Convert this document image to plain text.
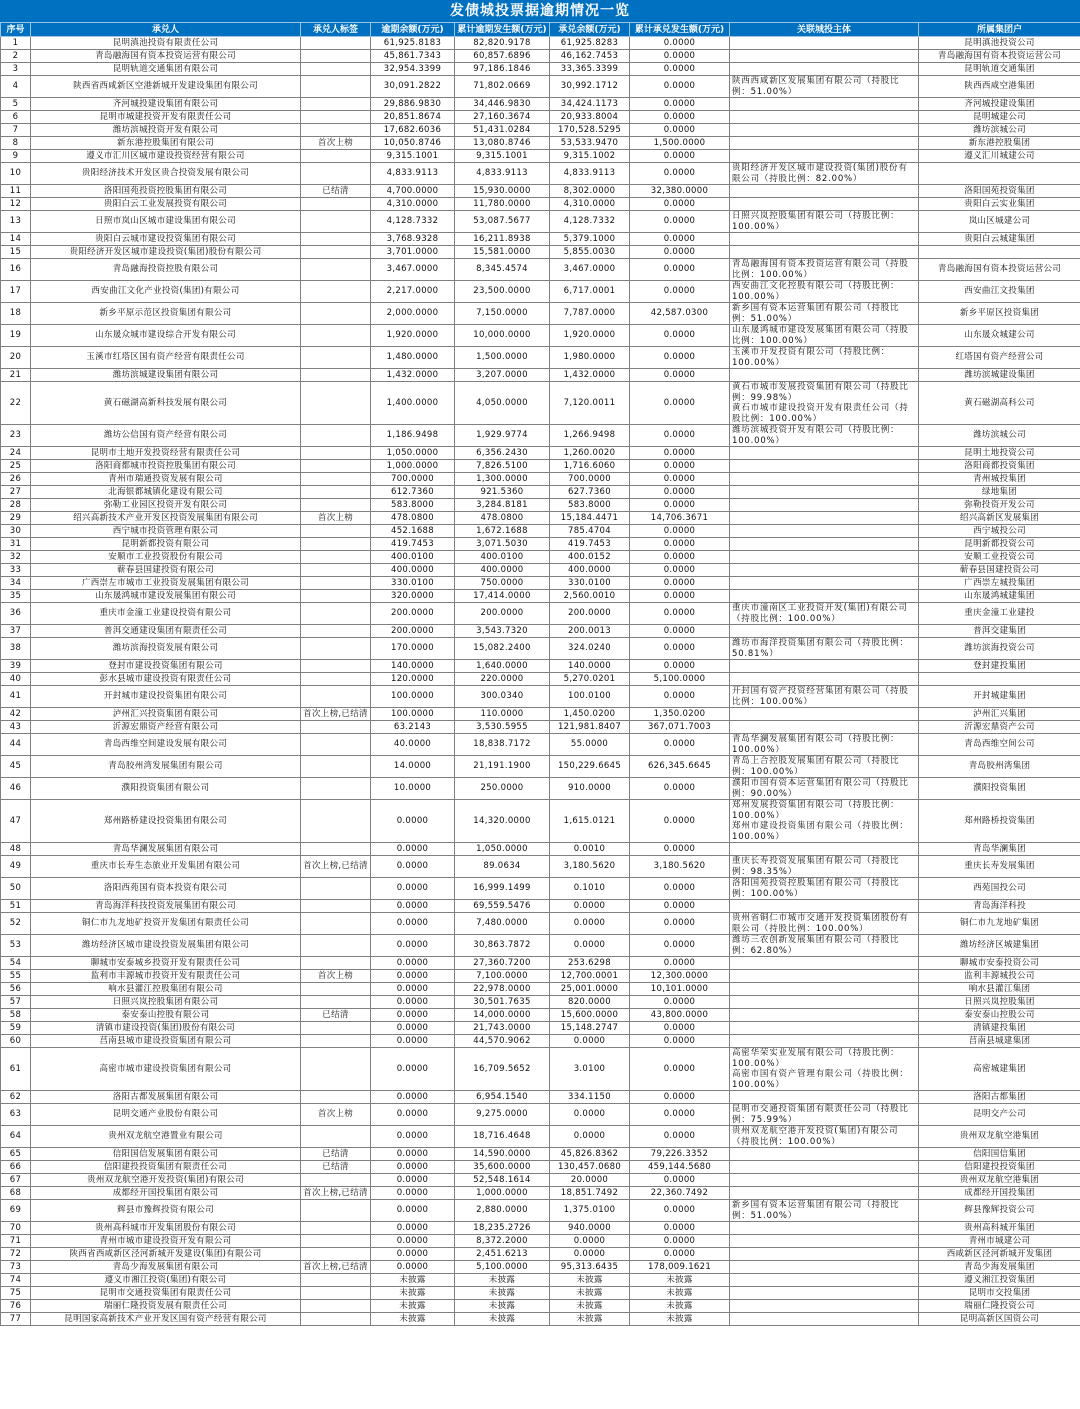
发债城投票据逾期情况一览
序号	承兑人	承兑人标签	逾期余额(万元)	累计逾期发生额(万元)	承兑余额(万元)	累计承兑发生额(万元)	关联城投主体	所属集团户
1	昆明滇池投资有限责任公司		61,925.8183	82,820.9178	61,925.8283	0.0000		昆明滇池投资公司
2	青岛融海国有资本投资运营有限公司		45,861.7343	60,857.6896	46,162.7453	0.0000		青岛融海国有资本投资运营公司
3	昆明轨道交通集团有限公司		32,954.3399	97,186.1846	33,365.3399	0.0000		昆明轨道交通集团
4	陕西省西咸新区空港新城开发建设集团有限公司		30,091.2822	71,802.0669	30,992.1712	0.0000	陕西西咸新区发展集团有限公司（持股比例：51.00%）	陕西西咸空港集团
5	齐河城投建设集团有限公司		29,886.9830	34,446.9830	34,424.1173	0.0000		齐河城投建设集团
6	昆明市城建投资开发有限责任公司		20,851.8674	27,160.3674	20,933.8004	0.0000		昆明城建公司
7	潍坊滨城投资开发有限公司		17,682.6036	51,431.0284	170,528.5295	0.0000		潍坊滨城公司
8	新东港控股集团有限公司	首次上榜	10,050.8746	13,080.8746	53,533.9470	1,500.0000		新东港控股集团
9	遵义市汇川区城市建设投资经营有限公司		9,315.1001	9,315.1001	9,315.1002	0.0000		遵义汇川城建公司
10	贵阳经济技术开发区贵合投资发展有限公司		4,833.9113	4,833.9113	4,833.9113	0.0000	贵阳经济开发区城市建设投资(集团)股份有限公司（持股比例：82.00%）	
11	洛阳国苑投资控股集团有限公司	已结清	4,700.0000	15,930.0000	8,302.0000	32,380.0000		洛阳国苑投资集团
12	贵阳白云工业发展投资有限公司		4,310.0000	11,780.0000	4,310.0000	0.0000		贵阳白云实业集团
13	日照市岚山区城市建设集团有限公司		4,128.7332	53,087.5677	4,128.7332	0.0000	日照兴岚控股集团有限公司（持股比例：100.00%）	岚山区城建公司
14	贵阳白云城市建设投资集团有限公司		3,768.9328	16,211.8938	5,379.1000	0.0000		贵阳白云城建集团
15	贵阳经济开发区城市建设投资(集团)股份有限公司		3,701.0000	15,581.0000	5,855.0030	0.0000		
16	青岛融海投资控股有限公司		3,467.0000	8,345.4574	3,467.0000	0.0000	青岛融海国有资本投资运营有限公司（持股比例：100.00%）	青岛融海国有资本投资运营公司
17	西安曲江文化产业投资(集团)有限公司		2,217.0000	23,500.0000	6,717.0001	0.0000	西安曲江文化控股有限公司（持股比例：100.00%）	西安曲江文投集团
18	新乡平原示范区投资集团有限公司		2,000.0000	7,150.0000	7,787.0000	42,587.0300	新乡国有资本运营集团有限公司（持股比例：51.00%）	新乡平原区投资集团
19	山东晟众城市建设综合开发有限公司		1,920.0000	10,000.0000	1,920.0000	0.0000	山东晟鸿城市建设发展集团有限公司（持股比例：100.00%）	山东晟众城建公司
20	玉溪市红塔区国有资产经营有限责任公司		1,480.0000	1,500.0000	1,980.0000	0.0000	玉溪市开发投资有限公司（持股比例：100.00%）	红塔国有资产经营公司
21	潍坊滨城建设集团有限公司		1,432.0000	3,207.0000	1,432.0000	0.0000		潍坊滨城建设集团
22	黄石磁湖高新科技发展有限公司		1,400.0000	4,050.0000	7,120.0011	0.0000	黄石市城市发展投资集团有限公司（持股比例：99.98%）
黄石市城市建设投资开发有限责任公司（持股比例：100.00%）	黄石磁湖高科公司
23	潍坊公信国有资产经营有限公司		1,186.9498	1,929.9774	1,266.9498	0.0000	潍坊滨城投资开发有限公司（持股比例：100.00%）	潍坊滨城公司
24	昆明市土地开发投资经营有限责任公司		1,050.0000	6,356.2430	1,260.0020	0.0000		昆明土地投资公司
25	洛阳商都城市投资控股集团有限公司		1,000.0000	7,826.5100	1,716.6060	0.0000		洛阳商都投资集团
26	青州市瑞通投资发展有限公司		700.0000	1,300.0000	700.0000	0.0000		青州城投集团
27	北海银都城镇化建设有限公司		612.7360	921.5360	627.7360	0.0000		绿地集团
28	弥勒工业园区投资开发有限公司		583.8000	3,284.8181	583.8000	0.0000		弥勒投资开发公司
29	绍兴高新技术产业开发区投资发展集团有限公司	首次上榜	478.0800	478.0800	15,184.4471	14,706.3671		绍兴高新区发展集团
30	西宁城市投资管理有限公司		452.1688	1,672.1688	785.4704	0.0000		西宁城投公司
31	昆明新都投资有限公司		419.7453	3,071.5030	419.7453	0.0000		昆明新都投资公司
32	安顺市工业投资股份有限公司		400.0100	400.0100	400.0152	0.0000		安顺工业投资公司
33	蕲春县国建投资有限公司		400.0000	400.0000	400.0000	0.0000		蕲春县国建投资公司
34	广西崇左市城市工业投资发展集团有限公司		330.0100	750.0000	330.0100	0.0000		广西崇左城投集团
35	山东晟鸿城市建设发展集团有限公司		320.0000	17,414.0000	2,560.0010	0.0000		山东晟鸿城建集团
36	重庆市金潼工业建设投资有限公司		200.0000	200.0000	200.0000	0.0000	重庆市潼南区工业投资开发(集团)有限公司（持股比例：100.00%）	重庆金潼工业建投
37	普洱交通建设集团有限责任公司		200.0000	3,543.7320	200.0013	0.0000		普洱交建集团
38	潍坊滨海投资发展有限公司		170.0000	15,082.2400	324.0240	0.0000	潍坊市海洋投资集团有限公司（持股比例：50.81%）	潍坊滨海投资公司
39	登封市建设投资集团有限公司		140.0000	1,640.0000	140.0000	0.0000		登封建投集团
40	彭水县城市建设投资有限责任公司		120.0000	220.0000	5,270.0201	5,100.0000		
41	开封城市建设投资集团有限公司		100.0000	300.0340	100.0100	0.0000	开封国有资产投资经营集团有限公司（持股比例：100.00%）	开封城建集团
42	泸州汇兴投资集团有限公司	首次上榜,已结清	100.0000	110.0000	1,450.0200	1,350.0200		泸州汇兴集团
43	沂源宏鼎资产经营有限公司		63.2143	3,530.5955	121,981.8407	367,071.7003		沂源宏鼎资产公司
44	青岛西维空间建设发展有限公司		40.0000	18,838.7172	55.0000	0.0000	青岛华澜发展集团有限公司（持股比例：100.00%）	青岛西维空间公司
45	青岛胶州湾发展集团有限公司		14.0000	21,191.1900	150,229.6645	626,345.6645	青岛上合控股发展集团有限公司（持股比例：100.00%）	青岛胶州湾集团
46	濮阳投资集团有限公司		10.0000	250.0000	910.0000	0.0000	濮阳市国有资本运营集团有限公司（持股比例：90.00%）	濮阳投资集团
47	郑州路桥建设投资集团有限公司		0.0000	14,320.0000	1,615.0121	0.0000	郑州发展投资集团有限公司（持股比例：100.00%）
郑州市建设投资集团有限公司（持股比例：100.00%）	郑州路桥投资集团
48	青岛华澜发展集团有限公司		0.0000	1,050.0000	0.0010	0.0000		青岛华澜集团
49	重庆市长寿生态旅业开发集团有限公司	首次上榜,已结清	0.0000	89.0634	3,180.5620	3,180.5620	重庆长寿投资发展集团有限公司（持股比例：98.35%）	重庆长寿发展集团
50	洛阳西苑国有资本投资有限公司		0.0000	16,999.1499	0.1010	0.0000	洛阳国苑投资控股集团有限公司（持股比例：100.00%）	西苑国投公司
51	青岛海洋科技投资发展集团有限公司		0.0000	69,559.5476	0.0000	0.0000		青岛海洋科投
52	铜仁市九龙地矿投资开发集团有限责任公司		0.0000	7,480.0000	0.0000	0.0000	贵州省铜仁市城市交通开发投资集团股份有限公司（持股比例：100.00%）	铜仁市九龙地矿集团
53	潍坊经济区城市建设投资发展集团有限公司		0.0000	30,863.7872	0.0000	0.0000	潍坊三农创新发展集团有限公司（持股比例：62.80%）	潍坊经济区城建集团
54	聊城市安泰城乡投资开发有限责任公司		0.0000	27,360.7200	253.6298	0.0000		聊城市安泰投资公司
55	监利市丰源城市投资开发有限责任公司	首次上榜	0.0000	7,100.0000	12,700.0001	12,300.0000		监利丰源城投公司
56	响水县灌江控股集团有限公司		0.0000	22,978.0000	25,001.0000	10,101.0000		响水县灌江集团
57	日照兴岚控股集团有限公司		0.0000	30,501.7635	820.0000	0.0000		日照兴岚控股集团
58	泰安泰山控股有限公司	已结清	0.0000	14,000.0000	15,600.0000	43,800.0000		泰安泰山控股公司
59	清镇市建设投资(集团)股份有限公司		0.0000	21,743.0000	15,148.2747	0.0000		清镇建投集团
60	莒南县城市建设投资集团有限公司		0.0000	44,570.9062	0.0000	0.0000		莒南县城建集团
61	高密市城市建设投资集团有限公司		0.0000	16,709.5652	3.0100	0.0000	高密华荣实业发展有限公司（持股比例：100.00%）
高密市国有资产管理有限公司（持股比例：100.00%）	高密城建集团
62	洛阳古都发展集团有限公司		0.0000	6,954.1540	334.1150	0.0000		洛阳古都集团
63	昆明交通产业股份有限公司	首次上榜	0.0000	9,275.0000	0.0000	0.0000	昆明市交通投资集团有限责任公司（持股比例：75.99%）	昆明交产公司
64	贵州双龙航空港置业有限公司		0.0000	18,716.4648	0.0000	0.0000	贵州双龙航空港开发投资(集团)有限公司（持股比例：100.00%）	贵州双龙航空港集团
65	信阳国信发展集团有限公司	已结清	0.0000	14,590.0000	45,826.8362	79,226.3352		信阳国信集团
66	信阳建投投资集团有限责任公司	已结清	0.0000	35,600.0000	130,457.0680	459,144.5680		信阳建投投资集团
67	贵州双龙航空港开发投资(集团)有限公司		0.0000	52,548.1614	20.0000	0.0000		贵州双龙航空港集团
68	成都经开国投集团有限公司	首次上榜,已结清	0.0000	1,000.0000	18,851.7492	22,360.7492		成都经开国投集团
69	辉县市豫辉投资有限公司		0.0000	2,880.0000	1,375.0100	0.0000	新乡国有资本运营集团有限公司（持股比例：51.00%）	辉县豫辉投资公司
70	贵州高科城市开发集团股份有限公司		0.0000	18,235.2726	940.0000	0.0000		贵州高科城开集团
71	青州市城市建设投资开发有限公司		0.0000	8,372.2000	0.0000	0.0000		青州市城建公司
72	陕西省西咸新区泾河新城开发建设(集团)有限公司		0.0000	2,451.6213	0.0000	0.0000		西咸新区泾河新城开发集团
73	青岛少海发展集团有限公司	首次上榜,已结清	0.0000	5,100.0000	95,313.6435	178,009.1621		青岛少海发展集团
74	遵义市湘江投资(集团)有限公司		未披露	未披露	未披露	未披露		遵义湘江投资集团
75	昆明市交通投资集团有限责任公司		未披露	未披露	未披露	未披露		昆明市交投集团
76	瑞丽仁隆投资发展有限责任公司		未披露	未披露	未披露	未披露		瑞丽仁隆投资公司
77	昆明国家高新技术产业开发区国有资产经营有限公司		未披露	未披露	未披露	未披露		昆明高新区国资公司
